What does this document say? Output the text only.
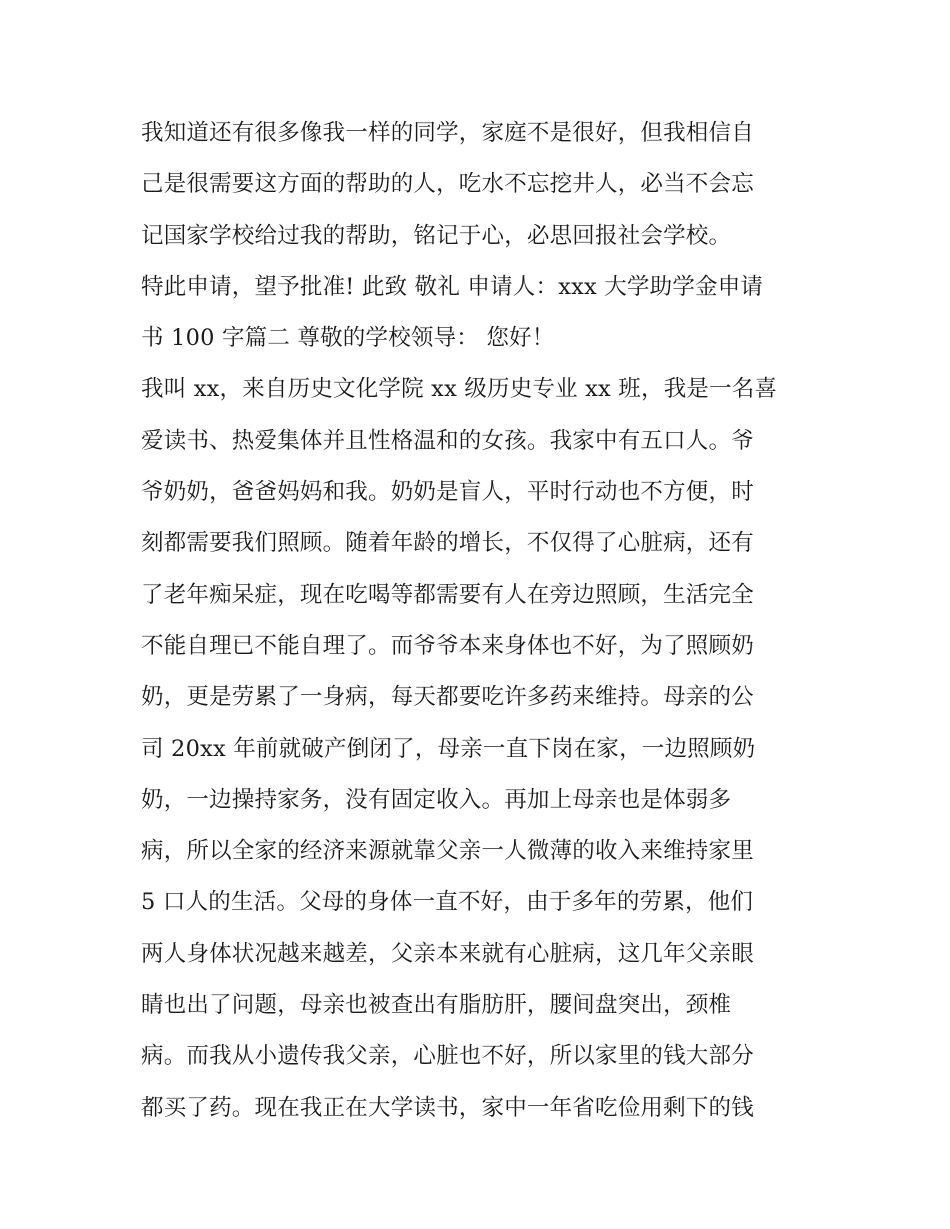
我知道还有很多像我一样的同学，家庭不是很好，但我相信自
己是很需要这方面的帮助的人，吃水不忘挖井人，必当不会忘
记国家学校给过我的帮助，铭记于心，必思回报社会学校。
特此申请，望予批准! 此致 敬礼 申请人：xxx 大学助学金申请
书 100 字篇二 尊敬的学校领导： 您好！
我叫 xx，来自历史文化学院 xx 级历史专业 xx 班，我是一名喜
爱读书、热爱集体并且性格温和的女孩。我家中有五口人。爷
爷奶奶，爸爸妈妈和我。奶奶是盲人，平时行动也不方便，时
刻都需要我们照顾。随着年龄的增长，不仅得了心脏病，还有
了老年痴呆症，现在吃喝等都需要有人在旁边照顾，生活完全
不能自理已不能自理了。而爷爷本来身体也不好，为了照顾奶
奶，更是劳累了一身病，每天都要吃许多药来维持。母亲的公
司 20xx 年前就破产倒闭了，母亲一直下岗在家，一边照顾奶
奶，一边操持家务，没有固定收入。再加上母亲也是体弱多
病，所以全家的经济来源就靠父亲一人微薄的收入来维持家里
5 口人的生活。父母的身体一直不好，由于多年的劳累，他们
两人身体状况越来越差，父亲本来就有心脏病，这几年父亲眼
睛也出了问题，母亲也被查出有脂肪肝，腰间盘突出，颈椎
病。而我从小遗传我父亲，心脏也不好，所以家里的钱大部分
都买了药。现在我正在大学读书，家中一年省吃俭用剩下的钱
